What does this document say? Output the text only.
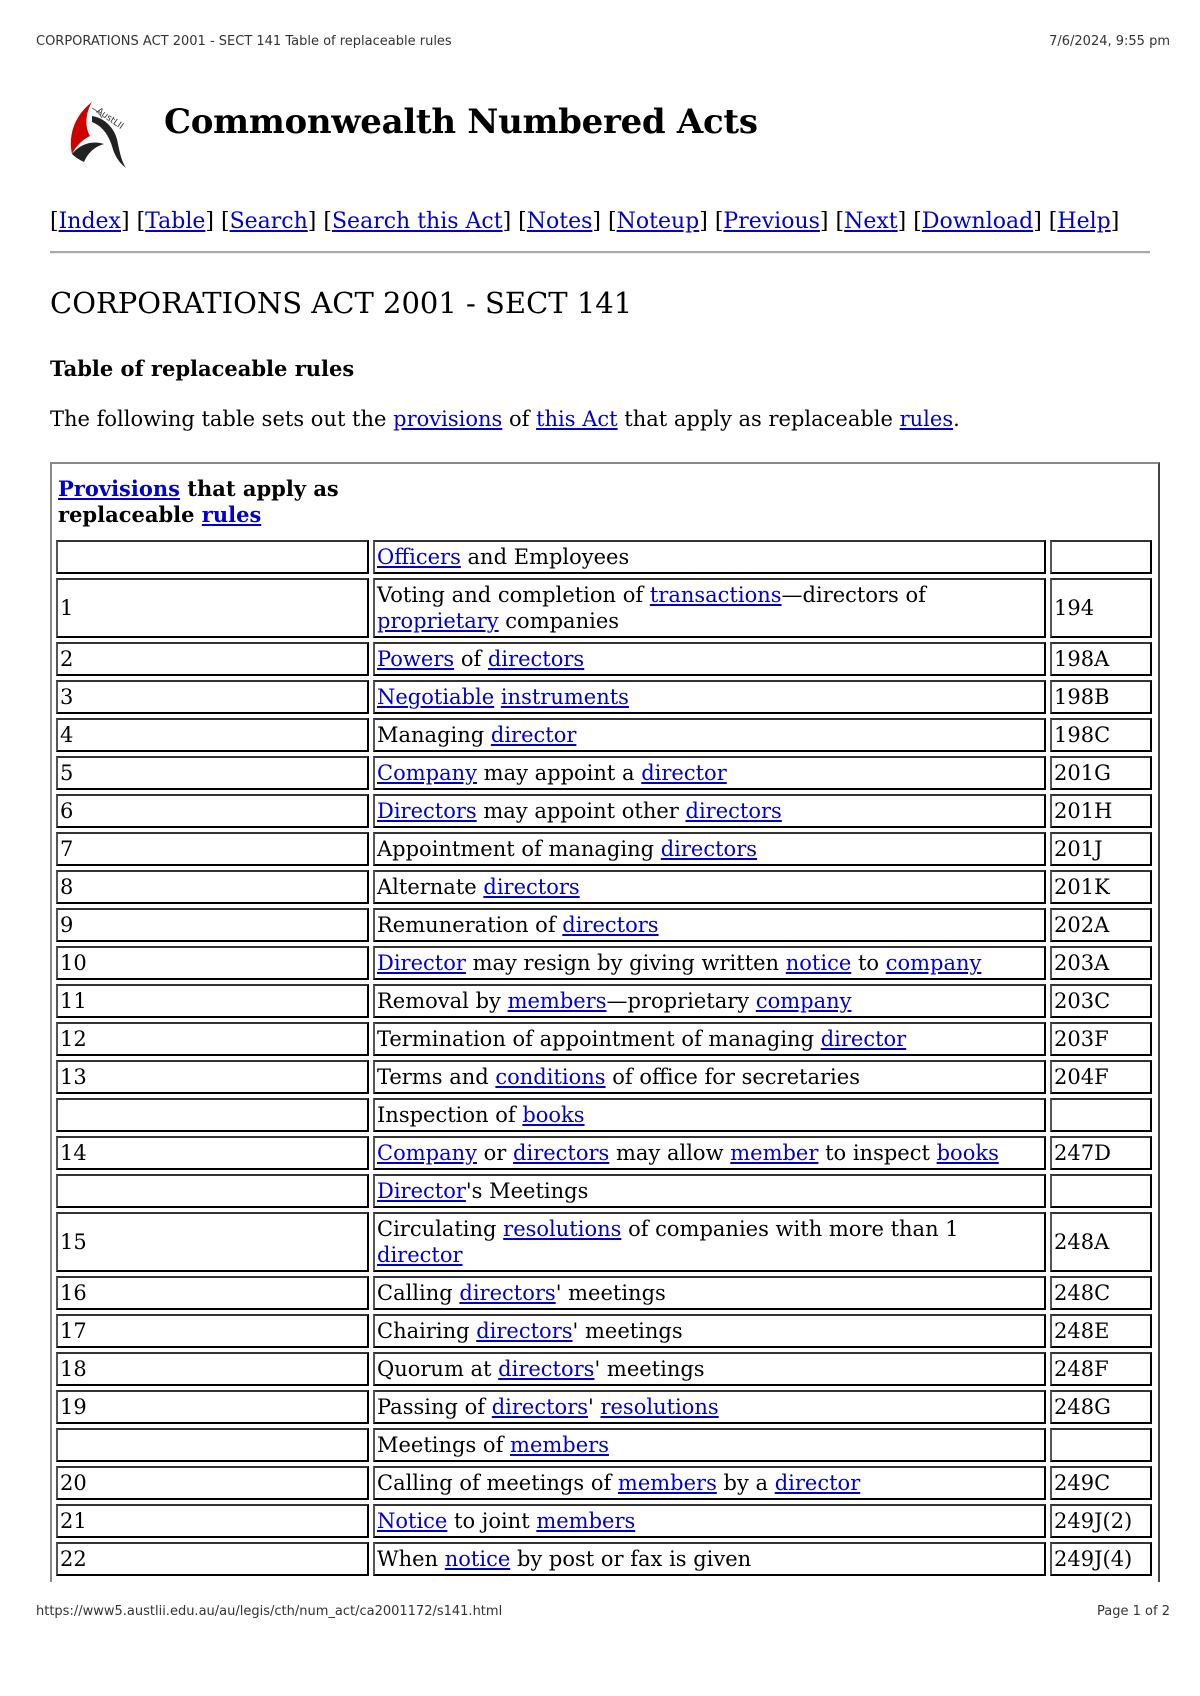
CORPORATIONS ACT 2001 - SECT 141 Table of replaceable rules	7/6/2024, 9:55 pm
AustLII Commonwealth Numbered Acts
[Index] [Table] [Search] [Search this Act] [Notes] [Noteup] [Previous] [Next] [Download] [Help]
CORPORATIONS ACT 2001 - SECT 141
Table of replaceable rules

The following table sets out the provisions of this Act that apply as replaceable rules.

Provisions that apply as replaceable rules		
	Officers and Employees	
1	Voting and completion of transactions—directors of proprietary companies	194
2	Powers of directors	198A
3	Negotiable instruments	198B
4	Managing director	198C
5	Company may appoint a director	201G
6	Directors may appoint other directors	201H
7	Appointment of managing directors	201J
8	Alternate directors	201K
9	Remuneration of directors	202A
10	Director may resign by giving written notice to company	203A
11	Removal by members—proprietary company	203C
12	Termination of appointment of managing director	203F
13	Terms and conditions of office for secretaries	204F
	Inspection of books	
14	Company or directors may allow member to inspect books	247D
	Director's Meetings	
15	Circulating resolutions of companies with more than 1 director	248A
16	Calling directors' meetings	248C
17	Chairing directors' meetings	248E
18	Quorum at directors' meetings	248F
19	Passing of directors' resolutions	248G
	Meetings of members	
20	Calling of meetings of members by a director	249C
21	Notice to joint members	249J(2)
22	When notice by post or fax is given	249J(4)
https://www5.austlii.edu.au/au/legis/cth/num_act/ca2001172/s141.html	Page 1 of 2
